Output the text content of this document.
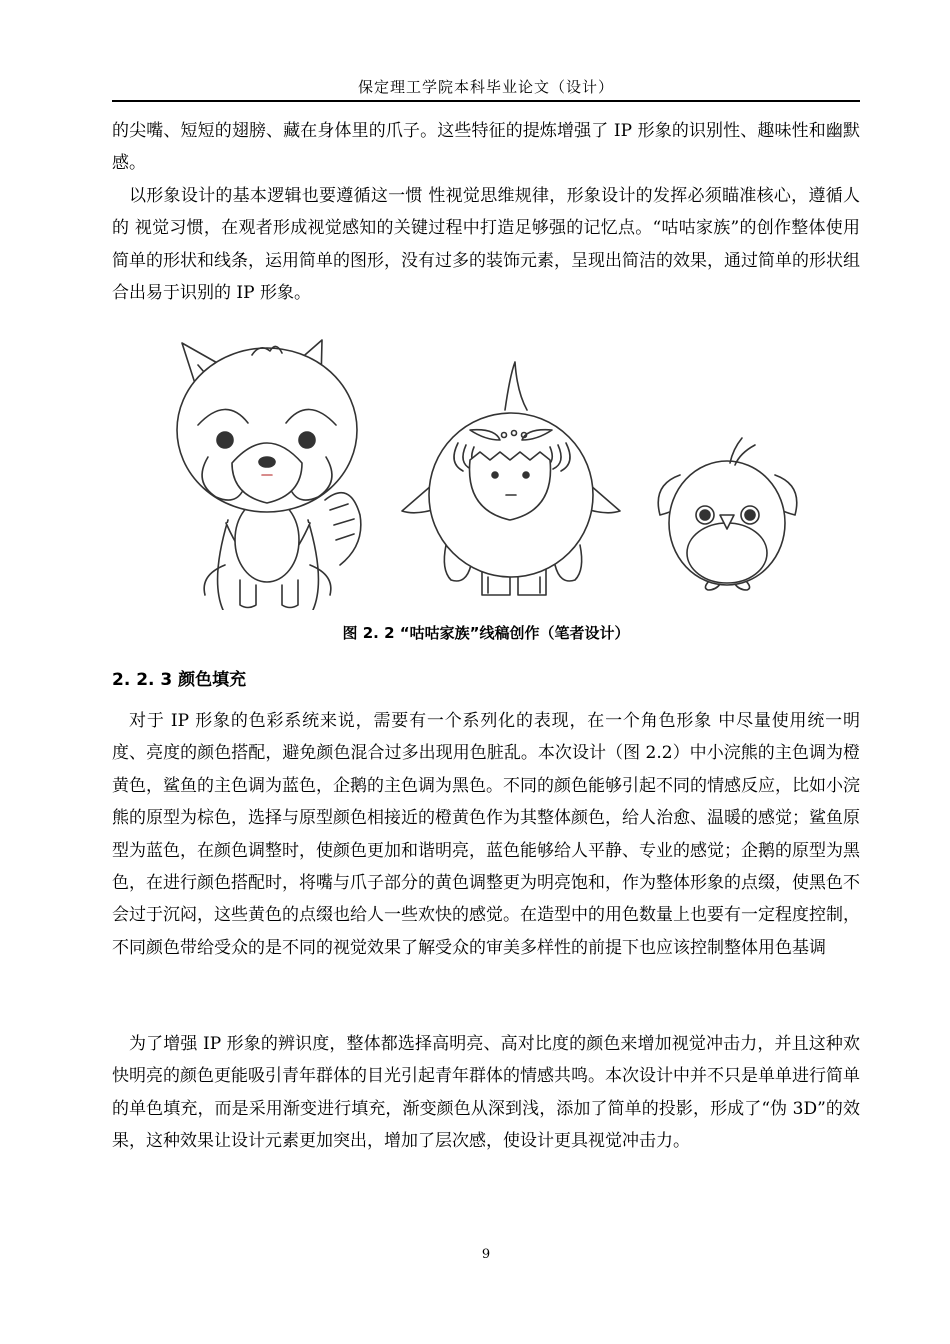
保定理工学院本科毕业论文（设计）
的尖嘴、短短的翅膀、藏在身体里的爪子。这些特征的提炼增强了 IP 形象的识别性、趣味性和幽默感。
以形象设计的基本逻辑也要遵循这一惯 性视觉思维规律，形象设计的发挥必须瞄准核心，遵循人的 视觉习惯，在观者形成视觉感知的关键过程中打造足够强的记忆点。“咕咕家族”的创作整体使用简单的形状和线条，运用简单的图形，没有过多的装饰元素，呈现出简洁的效果，通过简单的形状组合出易于识别的 IP 形象。
图 2. 2 “咕咕家族”线稿创作（笔者设计）
2. 2. 3 颜色填充
对于 IP 形象的色彩系统来说，需要有一个系列化的表现，在一个角色形象 中尽量使用统一明度、亮度的颜色搭配，避免颜色混合过多出现用色脏乱。本次设计（图 2.2）中小浣熊的主色调为橙黄色，鲨鱼的主色调为蓝色，企鹅的主色调为黑色。不同的颜色能够引起不同的情感反应，比如小浣熊的原型为棕色，选择与原型颜色相接近的橙黄色作为其整体颜色，给人治愈、温暖的感觉；鲨鱼原型为蓝色，在颜色调整时，使颜色更加和谐明亮，蓝色能够给人平静、专业的感觉；企鹅的原型为黑色，在进行颜色搭配时，将嘴与爪子部分的黄色调整更为明亮饱和，作为整体形象的点缀，使黑色不会过于沉闷，这些黄色的点缀也给人一些欢快的感觉。在造型中的用色数量上也要有一定程度控制，不同颜色带给受众的是不同的视觉效果了解受众的审美多样性的前提下也应该控制整体用色基调
为了增强 IP 形象的辨识度，整体都选择高明亮、高对比度的颜色来增加视觉冲击力，并且这种欢快明亮的颜色更能吸引青年群体的目光引起青年群体的情感共鸣。本次设计中并不只是单单进行简单的单色填充，而是采用渐变进行填充，渐变颜色从深到浅，添加了简单的投影，形成了“伪 3D”的效果，这种效果让设计元素更加突出，增加了层次感，使设计更具视觉冲击力。
9
